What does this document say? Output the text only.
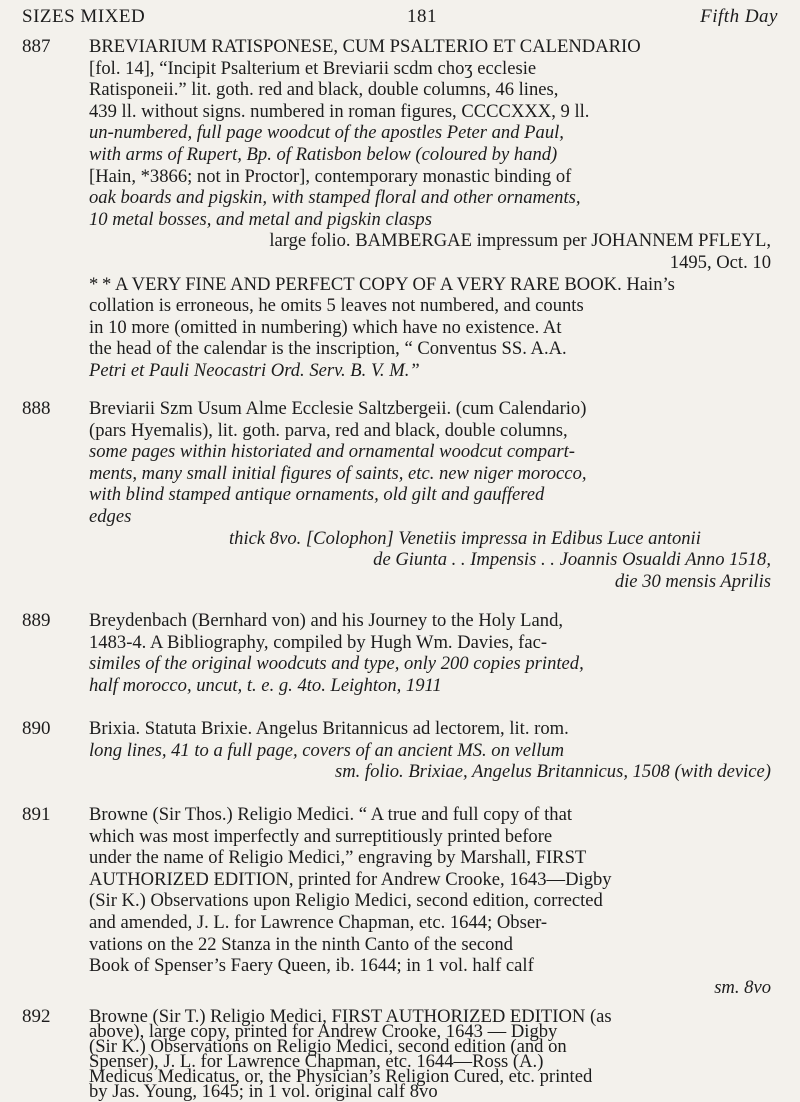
SIZES MIXED	181	Fifth Day
887 BREVIARIUM RATISPONESE, CUM PSALTERIO ET CALENDARIO
[fol. 14], “Incipit Psalterium et Breviarii scdm choʒ ecclesie
Ratisponeii.” lit. goth. red and black, double columns, 46 lines,
439 ll. without signs. numbered in roman figures, CCCCXXX, 9 ll.
un-numbered, full page woodcut of the apostles Peter and Paul,
with arms of Rupert, Bp. of Ratisbon below (coloured by hand)
[Hain, *3866; not in Proctor], contemporary monastic binding of
oak boards and pigskin, with stamped floral and other ornaments,
10 metal bosses, and metal and pigskin clasps
large folio. BAMBERGAE impressum per JOHANNEM PFLEYL,
1495, Oct. 10
* * A VERY FINE AND PERFECT COPY OF A VERY RARE BOOK. Hain’s
collation is erroneous, he omits 5 leaves not numbered, and counts
in 10 more (omitted in numbering) which have no existence. At
the head of the calendar is the inscription, “ Conventus SS. A.A.
Petri et Pauli Neocastri Ord. Serv. B. V. M.”
888 Breviarii Szm Usum Alme Ecclesie Saltzbergeii. (cum Calendario)
(pars Hyemalis), lit. goth. parva, red and black, double columns,
some pages within historiated and ornamental woodcut compart-
ments, many small initial figures of saints, etc. new niger morocco,
with blind stamped antique ornaments, old gilt and gauffered
edges
thick 8vo. [Colophon] Venetiis impressa in Edibus Luce antonii
de Giunta . . Impensis . . Joannis Osualdi Anno 1518,
die 30 mensis Aprilis
889 Breydenbach (Bernhard von) and his Journey to the Holy Land,
1483-4. A Bibliography, compiled by Hugh Wm. Davies, fac-
similes of the original woodcuts and type, only 200 copies printed,
half morocco, uncut, t. e. g. 4to. Leighton, 1911
890 Brixia. Statuta Brixie. Angelus Britannicus ad lectorem, lit. rom.
long lines, 41 to a full page, covers of an ancient MS. on vellum
sm. folio. Brixiae, Angelus Britannicus, 1508 (with device)
891 Browne (Sir Thos.) Religio Medici. “ A true and full copy of that
which was most imperfectly and surreptitiously printed before
under the name of Religio Medici,” engraving by Marshall, FIRST
AUTHORIZED EDITION, printed for Andrew Crooke, 1643—Digby
(Sir K.) Observations upon Religio Medici, second edition, corrected
and amended, J. L. for Lawrence Chapman, etc. 1644; Obser-
vations on the 22 Stanza in the ninth Canto of the second
Book of Spenser’s Faery Queen, ib. 1644; in 1 vol. half calf
sm. 8vo
892 Browne (Sir T.) Religio Medici, FIRST AUTHORIZED EDITION (as
above), large copy, printed for Andrew Crooke, 1643 — Digby
(Sir K.) Observations on Religio Medici, second edition (and on
Spenser), J. L. for Lawrence Chapman, etc. 1644—Ross (A.)
Medicus Medicatus, or, the Physician’s Religion Cured, etc. printed
by Jas. Young, 1645; in 1 vol. original calf 8vo
